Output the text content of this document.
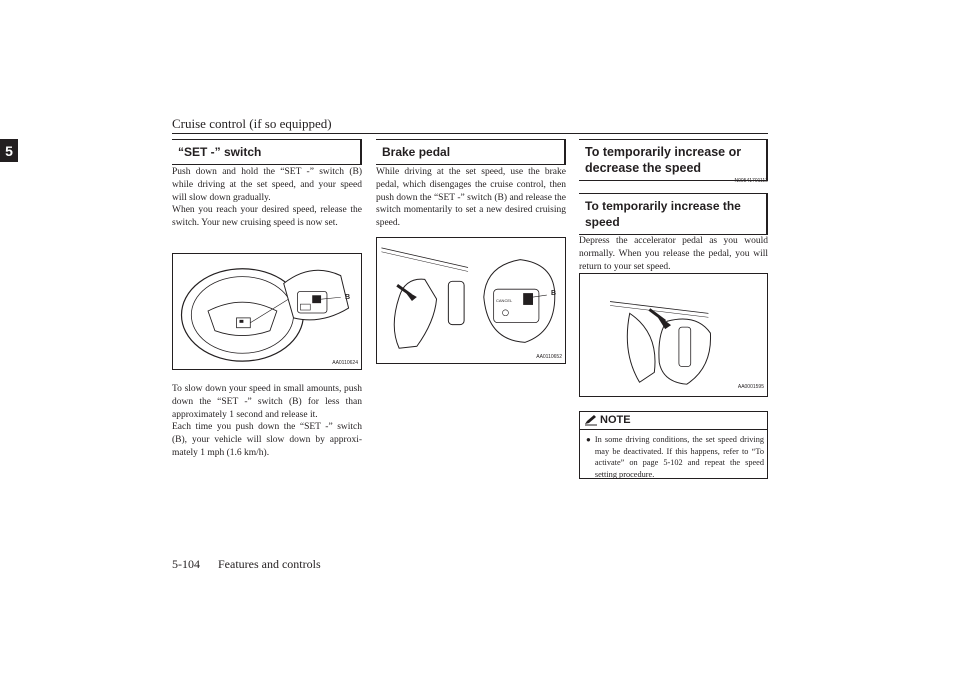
Cruise control (if so equipped)
5	“SET -” switch
Push down and hold the “SET -” switch (B) while driving at the set speed, and your speed will slow down gradually.
When you reach your desired speed, release the switch. Your new cruising speed is now set.
B
AA0110624
To slow down your speed in small amounts, push down the “SET -” switch (B) for less than approximately 1 second and release it.
Each time you push down the “SET -” switch (B), your vehicle will slow down by approxi-mately 1 mph (1.6 km/h).
Brake pedal
While driving at the set speed, use the brake pedal, which disengages the cruise control, then push down the “SET -” switch (B) and release the switch momentarily to set a new desired cruising speed.
CANCEL
B
AA0110652
To temporarily increase or decrease the speed
N00541701112
To temporarily increase the speed
Depress the accelerator pedal as you would normally. When you release the pedal, you will return to your set speed.
AA0001595
NOTE
● In some driving conditions, the set speed driving may be deactivated. If this happens, refer to “To activate” on page 5-102 and repeat the speed setting procedure.
5-104 Features and controls
